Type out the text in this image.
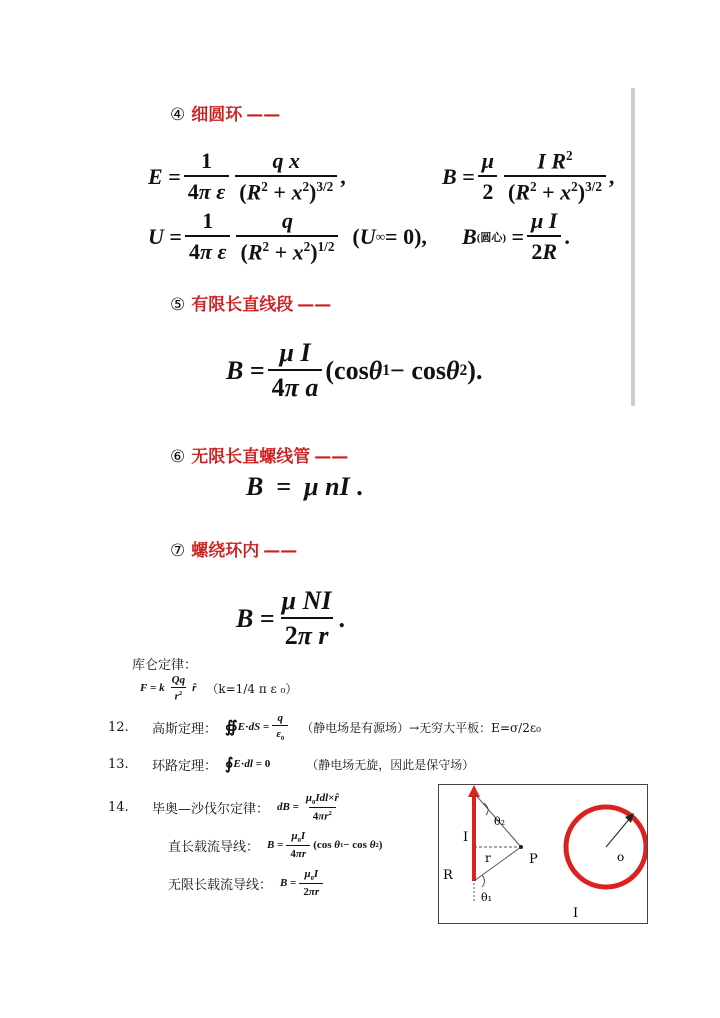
④ 细圆环 ——
$E = \frac{1}{\text{4π ε}} \frac{\text{q x}}{(R^2 + x^2)^{3/2}}$ ,	$B = \frac{\mu}{2} \frac{I R^2}{(R^2 + x^2)^{3/2}}$ ,
$U = \frac{1}{\text{4π ε}} \frac{q}{(R^2 + x^2)^{1/2}}$ ( U ∞ = 0), B (圆心) = $\frac{\text{μ I}}{2R}$ .
⑤ 有限长直线段 ——
$B = \frac{\text{μ I}}{\text{4π a}} (\cos$ θ 1 − cos θ 2 ).
⑥ 无限长直螺线管 ——
B = μ
nI .
⑦ 螺绕环内 ——
$B = \frac{\text{μ NI}}{\text{2π r}}$ .
库仑定律：
F = k $\frac{Qq}{r^2}$ r̂ （k=1/4 π ε ₀）
12.	高斯定理： ∯ E · dS = $\frac{q}{\varepsilon_0}$ （静电场是有源场）→无穷大平板：E=σ/2ε₀
13.	环路定理： ∮ E · dl = 0	（静电场无旋，因此是保守场）
14.	毕奥—沙伐尔定律： dB = $\frac{\mu_0Idl\times r̂}{4\pi r^2}$
直长载流导线： $B = \frac{\mu_0I}{4\pi r} (\cos$ θ 1 − cos θ 2 )
无限长载流导线： $B = \frac{\mu_0I}{2\pi r}$
θ₂
θ₁
I
r	P
R
I
o
